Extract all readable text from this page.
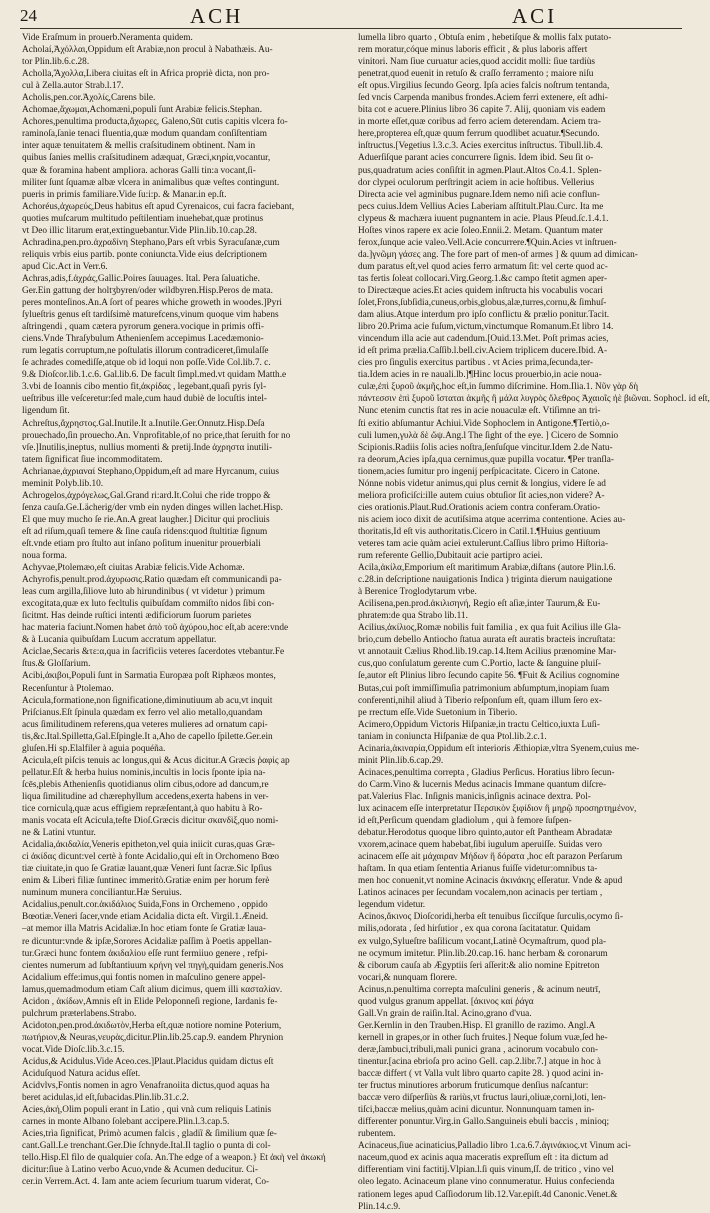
24	ACH	ACI
Vide Eraſmum in prouerb.Neramenta quidem.
Acholaí,Ἀχόλλαι,Oppidum eſt Arabiæ,non procul à Nabathæis. Au-
tor Plin.lib.6.c.28.
Acholla,Ἄχολλα,Libera ciuitas eſt in Africa propriè dicta, non pro-
cul à Zella.autor Strab.l.17.
Acholis,pen.cor.Ἀχολίς,Carens bile.
Achomae,ἄχωμαι,Achomæni,populi ſunt Arabiæ felicis.Stephan.
Achores,penultima producta,ἄχωρες, Galeno,Sūt cutis capitis vlcera fo-
raminoſa,ſanie tenaci fluentia,quæ modum quandam conſiſtentiam
inter aquæ tenuitatem & mellis craſsitudinem obtinent. Nam in
quibus ſanies mellis craſsitudinem adæquat, Græci,κηρία,vocantur,
quæ & foramina habent ampliora. achoras Galli tin:a vocant,ſi-
militer ſunt ſquamæ albæ vlcera in animalibus quæ veſtes contingunt.
pueris in primis familiare.Vide ſu:i:p. & Manar.in ep.ſt.
Achoréus,ἀχωρεύς,Deus habitus eſt apud Cyrenaicos, cui facra faciebant,
quoties muſcarum multitudo peſtilentiam inuehebat,quæ protinus
vt Deo illic litarum erat,extinguebantur.Vide Plin.lib.10.cap.28.
Achradina,pen.pro.ἀχραδίνη Stephano,Pars eſt vrbis Syracuſanæ,cum
reliquis vrbis eius partib. ponte coniuncta.Vide eius deſcriptionem
apud Cic.Act in Verr.6.
Achras,adis,f.ἀχράς,Gallic.Poires ſauuages. Ital. Pera ſaluatiche.
Ger.Ein gattung der holtʒbyren/oder wildbyren.Hisp.Peros de mata.
peres monteſinos.An.A ſort of peares whiche groweth in woodes.]Pyri
ſylueſtris genus eſt tardiſsimè maturefcens,vinum quoque vim habens
aſtringendi , quam cætera pyrorum genera.vocique in primis offi-
ciens.Vnde Thraſybulum Athenienſem accepimus Lacedæmonio-
rum legatis corruptum,ne poſtulatis illorum contradiceret,ſimulaſſe
ſe achrades comediſſe,atque ob id loqui non poſſe.Vide Col.lib.7. c.
9.& Dioſcor.lib.1.c.6. Gal.lib.6. De facult ſimpl.med.vt quidam Matth.e
3.vbi de Ioannis cibo mentio fit,ἀκρίδας , legebant,quaſi pyris ſyl-
ueſtribus ille veſceretur:ſed male,cum haud dubiè de locuſtis intel-
ligendum ſit.
Achreſtus,ἄχρηστος.Gal.Inutile.It a.Inutile.Ger.Onnutz.Hisp.Deſa
prouechado,ſin prouecho.An. Vnprofitable,of no price,that ſeruith for no
vſe.]Inutilis,ineptus, nullius momenti & pretij.Inde ἀχρηστα inutili-
tatem ſignificat ſiue incommoditatem.
Achrianae,ἀχριαναί Stephano,Oppidum,eſt ad mare Hyrcanum, cuius
meminit Polyb.lib.10.
Achrogelos,ἀχρόγελως,Gal.Grand ri:ard.It.Colui che ride troppo &
ſenza cauſa.Ge.Lächerig/der vmb ein nyden dinges willen lachet.Hisp.
El que muy mucho ſe rie.An.A great laugher.] Dicitur qui procliuis
eſt ad riſum,quaſi temere & ſine cauſa ridens:quod ſtultitiæ ſignum
eſt.vnde etiam pro ſtulto aut inſano poſitum inuenitur prouerbiali
noua forma.
Achyvae,Ptolemæo,eſt ciuitas Arabiæ felicis.Vide Achomæ.
Achyrofis,penult.prod.ἀχυρωσις.Ratio quædam eſt communicandi pa-
leas cum argilla,ſiliove luto ab hirundinibus ( vt videtur ) primum
excogitata,quæ ex luto fecltulis quibuſdam commiſto nidos ſibi con-
ſicitmt. Has deinde ruſtici intenti ædificiorum ſuorum parietes
hac materia faciunt.Nomen habet ἀπὸ τοῦ ἀχύρου,hoc eſt,ab acere:vnde
& à Lucania quibuſdam Lucum accratum appellatur.
Aciclae,Secaris &τε:α,qua in ſacrificiis veteres ſacerdotes vtebantur.Fe
ſtus.& Gloſſarium.
Acibi,ἀκιβοι,Populi ſunt in Sarmatia Europæa poſt Riphæos montes,
Recenſuntur à Ptolemao.
Acicula,formatione,non ſignificatione,diminutiuum ab acu,vt inquit
Priſcianus.Eſt ſpinula quædam ex ferro vel alio metallo,quandam
acus ſimilitudinem referens,qua veteres mulieres ad ornatum capi-
tis,&c.Ital.Spilletta,Gal.Eſpingle.It a,Aho de capello ſpilette.Ger.ein
gluſen.Hi sp.Elalfiler à aguia poquéña.
Acicula,eſt piſcis tenuis ac longus,qui & Acus dicitur.A Græcis ῥαφὶς ap
pellatur.Eſt & herba huius nominis,incultis in locis ſponte ipia na-
ſcēs,plebis Athenienſis quotidianus olim cibus,odore ad dancum,re
liqua ſimilitudine ad chærephyllum accedens,exerta habens in ver-
tice corniculą,quæ acus effigiem repræſentant,à quo habitu à Ro-
manis vocata eſt Acicula,teſte Dioſ.Græcis dicitur σκανδὶξ,quo nomi-
ne & Latini vtuntur.
Acidalia,ἀκιδαλία,Veneris epitheton,vel quia iniicit curas,quas Græ-
ci ἀκίδας dicunt:vel certè à fonte Acidalio,qui eſt in Orchomeno Bœo
tiæ ciuitate,in quo ſe Gratiæ lauant,quæ Veneri ſunt ſacræ.Sic Ipſius
enim & Liberi filiæ ſuntinec immeritò.Gratiæ enim per horum ferè
numinum munera conciliantur.Hæ Seruius.
Acidalius,penult.cor.ἀκιδάλιος Suida,Fons in Orchemeno , oppido
Bœotiæ.Veneri ſacer,vnde etiam Acidalia dicta eſt. Virgil.1.Æneid.
‒at memor illa Matris Acidaliæ.In hoc etiam fonte ſe Gratiæ laua-
re dicuntur:vnde & ipſæ,Sorores Acidaliæ paſſim à Poetis appellan-
tur.Græci hunc fontem ἀκιδαλίου eſſe runt fermiiuo genere , refpi-
cientes numerum ad ſubſtantiuum κρήνη vel πηγὴ,quidam generis.Nos
Acidalium effe:imus,qui fontis nomen in maſculino genere appel-
lamus,quemadmodum etiam Caſt alium dicimus, quem illi κασταλίαν.
Acidon , ἀκίδων,Amnis eſt in Elide Peloponneſi regione, Iardanis fe-
pulchrum præterlabens.Strabo.
Acidoton,pen.prod.ἀκιδωτὸν,Herba eſt,quæ notiore nomine Poterium,
πωτήριον,& Neuras,νευρὰς,dicitur.Plin.lib.25.cap.9. eandem Phrynion
vocat.Vide Dioſc.lib.3.c.15.
Acidus,& Acidulus.Vide Aceo.ces.]Plaut.Placidus quidam dictus eſt
Aciduſquod Natura acidus eſſet.
Acidvlvs,Fontis nomen in agro Venafranoiita dictus,quod aquas ha
beret acidulas,id eſt,ſubacidas.Plin.lib.31.c.2.
Acies,ἀκή,Olim populi erant in Latio , qui vnà cum reliquis Latinis
carnes in monte Albano ſolebant accipere.Plin.l.3.cap.5.
Acies,trìa ſignificat, Primò acumen falcis , gladiȉ & ſimilium quæ ſe-
cant.Gall.Le trenchant.Ger.Die ſchnyde.Ital.Il taglio o punta di col-
tello.Hisp.El filo de qualquier coſa. An.The edge of a weapon.} Et ἀκὴ vel ἀκωκή
dicitur:ſiue à Latino verbo Acuo,vnde & Acumen deducitur. Ci-
cer.in Verrem.Act. 4. Iam ante aciem ſecurium tuarum viderat, Co-
lumella libro quarto , Obtuſa enim , hebetiſque & mollis falx putato-
rem moratur,cóque minus laboris efficit , & plus laboris affert
vinitori. Nam ſiue curuatur acies,quod accidit molli: ſiue tardiùs
penetrat,quod euenit in retuſo & craſſo ferramento ; maiore niſu
eſt opus.Virgilius ſecundo Georg. Ipſa acies falcis noſtrum tentanda,
ſed vncis Carpenda manibus frondes.Aciem ferri extenere, eſt adhi-
bita cot e acuere.Plinius libro 36 capite 7. Alij, quoniam vis eadem
in morte eſſet,quæ coribus ad ferro aciem deterendam. Aciem tra-
here,propterea eſt,quæ quum ferrum quodlibet acuatur.¶Secundo.
inſtructus.[Vegetius l.3.c.3. Acies exercitus inſtructus. Tibull.lib.4.
Aduerſiſque parant acies concurrere ſignis. Idem ibid. Seu ſit o-
pus,quadratum acies conſiſtit in agmen.Plaut.Altos Co.4.1. Splen-
dor clypei oculorum perſtringit aciem in acie hoſtibus. Vellerius
Directa acie vel agminibus pugnare.Idem nemo niſi acie conflun-
pecs cuius.Idem Vellius Acies Laberiam aſſtitult.Plau.Curc. Ita me
clypeus & machæra iuuent pugnantem in acie. Plaus Pſeud.ſc.1.4.1.
Hoſtes vinos rapere ex acie ſoleo.Ennii.2. Metam. Quantum mater
ferox,ſunque acie valeo.Vell.Acie concurrere.¶Quin.Acies vt inſtruen-
da.]γνῶμη γάσες ang. The fore part of men-of armes ] & quum ad dimican-
dum paratus eſt,vel quod acies ferro armatum ſit: vel certe quod ac-
tas fertis ſoleat collocari.Virg.Georg.1.&c campo ſtetit agmen aper-
to Directæque acies.Et acies quidem inſtructa his vocabulis vocari
ſolet,Frons,ſubſidia,cuneus,orbis,globus,alæ,turres,cornu,& ſimhuſ-
dam alius.Atque interdum pro ipſo conflictu & prælio ponitur.Tacit.
libro 20.Prima acie fuſum,victum,vinctumque Romanum.Et libro 14.
vincendum illa acie aut cadendum.[Ouid.13.Met. Poſt primas acies,
id eſt prima prælia.Caſſib.l.bell.civ.Aciem triplicem ducere.Ibid. A-
cies pro ſingulis exercitus partibus . vt Acies prima,ſecunda,ter-
tia.Idem acies in re nauali.lb.]¶Hinc locus prouerbio,in acie noua-
culæ,ἐπὶ ξυροῦ ἀκμῆς,hoc eſt,in ſummo diſcrimine. Hom.Ilia.1. Νῦν γὰρ δὴ
πάντεσσιν ἐπὶ ξυροῦ ἵσταται ἀκμῆς ἢ μάλα λυγρὸς ὄλεθρος Ἀχαιοῖς ἠὲ βιῶναι. Sophocl. id eſt,
Nunc etenim cunctis ſtat res in acie nouaculæ eſt. Vtiſimne an tri-
ſti exitio abſumantur Achiui.Vide Sophoclem in Antigone.¶Tertiò,o-
culi lumen,γυλὰ δὲ ὤψ.Ang.l The ſight of the eye. ] Cicero de Somnio
Scipionis.Radiis ſolis acies noſtra,ſenſuſque vincitur.Idem 2.de Natu-
ra deorum,Acies ipſa,qua cernimus,quæ pupilla vocatur. ¶Per tranſla-
tionem,acies ſumitur pro ingenij perſpicacitate. Cicero in Catone.
Nónne nobis videtur animus,qui plus cernit & longius, videre ſe ad
meliora proficiſci:ille autem cuius obtuſior ſit acies,non videre? A-
cies orationis.Plaut.Rud.Orationis aciem contra conferam.Oratio-
nis aciem ioco dixit de acutiſsima atque acerrima contentione. Acies au-
thoritatis,Id eſt vis authoritatis.Cicero in Catil.1.¶Huius gentiuum
veteres tam acie quàm aciei extulerunt.Caſſius libro primo Hiſtoria-
rum referente Gellio,Dubitauit acie partipro aciei.
Acila,ἀκίλα,Emporium eſt maritimum Arabiæ,diſtans (autore Plin.l.6.
c.28.in deſcriptione nauigationis Indica ) triginta dierum nauigatione
à Berenice Troglodytarum vrbe.
Acilisena,pen.prod.ἀκιλισηνή, Regio eſt aſiæ,inter Taurum,& Eu-
phratem:de qua Strabo lib.11.
Acilius,ἀκίλιος,Romæ nobilis fuit familia , ex qua fuit Acilius ille Gla-
brio,cum debello Antiocho ſtatua aurata eſt auratis bracteis incruſtata:
vt annotauit Cælius Rhod.lib.19.cap.14.Item Acilius prænomine Mar-
cus,quo conſulatum gerente cum C.Portio, lacte & ſanguine pluiſ-
ſe,autor eſt Plinius libro ſecundo capite 56. ¶Fuit & Acilius cognomine
Butas,cui poſt immiſſimuſia patrimonium abſumptum,inopiam ſuam
conferenti,nihil aliud à Tiberio reſponſum eſt, quam illum ſero ex-
pe rrectum eſſe.Vide Suetonium in Tiberio.
Acimero,Oppidum Victoris Hiſpaniæ,in tractu Celtico,iuxta Luſi-
taniam in coniuncta Hiſpaniæ de qua Ptol.lib.2.c.1.
Acinaria,ἀκιναρία,Oppidum eſt interioris Æthiopiæ,vltra Syenem,cuius me-
minit Plin.lib.6.cap.29.
Acinaces,penultima correpta , Gladius Perſicus. Horatius libro ſecun-
do Carm.Vino & lucernis Medus acinacis Immane quantum diſcre-
pat.Valerius Flac. Inſignis manicis,inſignis acinace dextra. Pol-
lux acinacem eſſe interpretatur Περσικὸν ξιφίδιον ἢ μηρῷ προσηρτημένον,
id eſt,Perſicum quendam gladiolum , qui à femore ſuſpen-
debatur.Herodotus quoque libro quinto,autor eſt Pantheam Abradatæ
vxorem,acinace quem habebat,ſibi iugulum aperuiſſe. Suidas vero
acinacem eſſe ait μάχαιραν Μήδων ἢ δόρατα ,hoc eſt parazon Perſarum
haſtam. In qua etiam ſententia Arianus fuiſſe videtur:omnibus ta-
men hoc conuenit,vt nomine Acinacis ἀκινάκης eſſeratur. Vnde & apud
Latinos acinaces per ſecundam vocalem,non acinacis per tertiam ,
legendum videtur.
Acinos,ἄκινος Dioſcoridi,herba eſt tenuibus ſiccíſque ſurculis,ocymo ſi-
milis,odorata , ſed hirſutior , ex qua corona ſacitatatur. Quidam
ex vulgo,Sylueſtre baſilicum vocant,Latinè Ocymaſtrum, quod pla-
ne ocymum imitetur. Plin.lib.20.cap.16. hanc herbam & coronarum
& ciborum cauſa ab Ægyptiis ſeri aſſerit:& alio nomine Epitreton
vocari,& nunquam florere.
Acinus,n.penultima correpta maſculini generis , & acinum neutrī,
quod vulgus granum appellat. [ἀκινος καί ῥάγα
Gall.Vn grain de raiſin.Ital. Acino,grano d'vua.
Ger.Kernlin in den Trauben.Hisp. El granillo de razimo. Angl.A
kernell in grapes,or in other ſuch fruites.] Neque folum vuæ,ſed he-
deræ,ſambuci,tribuli,mali punici grana , acinorum vocabulo con-
tinentur.[acina ebrioſa pro acino Gell. cap.2.libr.7.] atque in hoc à
baccæ differt ( vt Valla vult libro quarto capite 28. ) quod acini in-
ter fructus minutiores arborum fruticumque denſius naſcantur:
baccæ vero diſperſiùs & rariùs,vt fructus lauri,oliuæ,corni,loti, len-
tiſci,baccæ melius,quàm acini dicuntur. Nonnunquam tamen in-
differenter ponuntur.Virg.in Gallo.Sanguineis ebuli baccis , minioq;
rubentem.
Acinaceus,ſiue acinaticius,Palladio libro 1.ca.6.7.ἀγινάκιος.vt Vinum aci-
naceum,quod ex acinis aqua maceratis expreſſum eſt : ita dictum ad
differentiam vini factitij.Vlpian.l.ſi quis vinum,ſſ. de tritico , vino vel
oleo legato. Acinaceum plane vino connumeratur. Huius confecienda
rationem leges apud Caſſiodorum lib.12.Var.epiſt.4d Canonic.Venet.&
Plin.14.c.9.
